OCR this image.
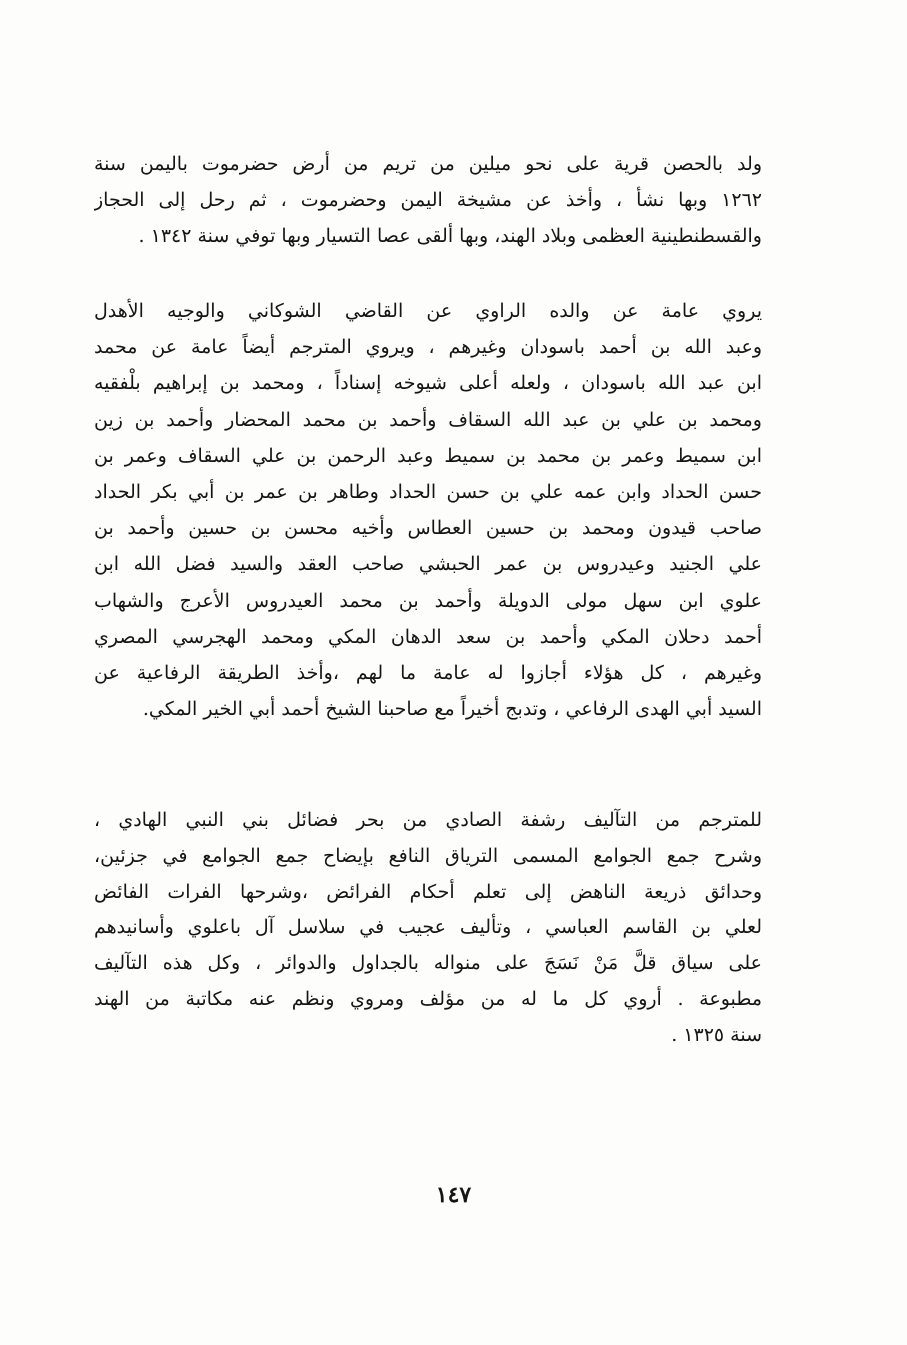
ولد بالحصن قرية على نحو ميلين من تريم من أرض حضرموت باليمن سنة
١٢٦٢ وبها نشأ ، وأخذ عن مشيخة اليمن وحضرموت ، ثم رحل إلى الحجاز
والقسطنطينية العظمى وبلاد الهند، وبها ألقى عصا التسيار وبها توفي سنة ١٣٤٢ .
يروي عامة عن والده الراوي عن القاضي الشوكاني والوجيه الأهدل
وعبد الله بن أحمد باسودان وغيرهم ، ويروي المترجم أيضاً عامة عن محمد
ابن عبد الله باسودان ، ولعله أعلى شيوخه إسناداً ، ومحمد بن إبراهيم بلْفقيه
ومحمد بن علي بن عبد الله السقاف وأحمد بن محمد المحضار وأحمد بن زين
ابن سميط وعمر بن محمد بن سميط وعبد الرحمن بن علي السقاف وعمر بن
حسن الحداد وابن عمه علي بن حسن الحداد وطاهر بن عمر بن أبي بكر الحداد
صاحب قيدون ومحمد بن حسين العطاس وأخيه محسن بن حسين وأحمد بن
علي الجنيد وعيدروس بن عمر الحبشي صاحب العقد والسيد فضل الله ابن
علوي ابن سهل مولى الدويلة وأحمد بن محمد العيدروس الأعرج والشهاب
أحمد دحلان المكي وأحمد بن سعد الدهان المكي ومحمد الهجرسي المصري
وغيرهم ، كل هؤلاء أجازوا له عامة ما لهم ،وأخذ الطريقة الرفاعية عن
السيد أبي الهدى الرفاعي ، وتدبج أخيراً مع صاحبنا الشيخ أحمد أبي الخير المكي.
للمترجم من التآليف رشفة الصادي من بحر فضائل بني النبي الهادي ،
وشرح جمع الجوامع المسمى الترياق النافع بإيضاح جمع الجوامع في جزئين،
وحدائق ذريعة الناهض إلى تعلم أحكام الفرائض ،وشرحها الفرات الفائض
لعلي بن القاسم العباسي ، وتأليف عجيب في سلاسل آل باعلوي وأسانيدهم
على سياق قلَّ مَنْ نَسَجَ على منواله بالجداول والدوائر ، وكل هذه التآليف
مطبوعة . أروي كل ما له من مؤلف ومروي ونظم عنه مكاتبة من الهند
سنة ١٣٢٥ .
١٤٧
